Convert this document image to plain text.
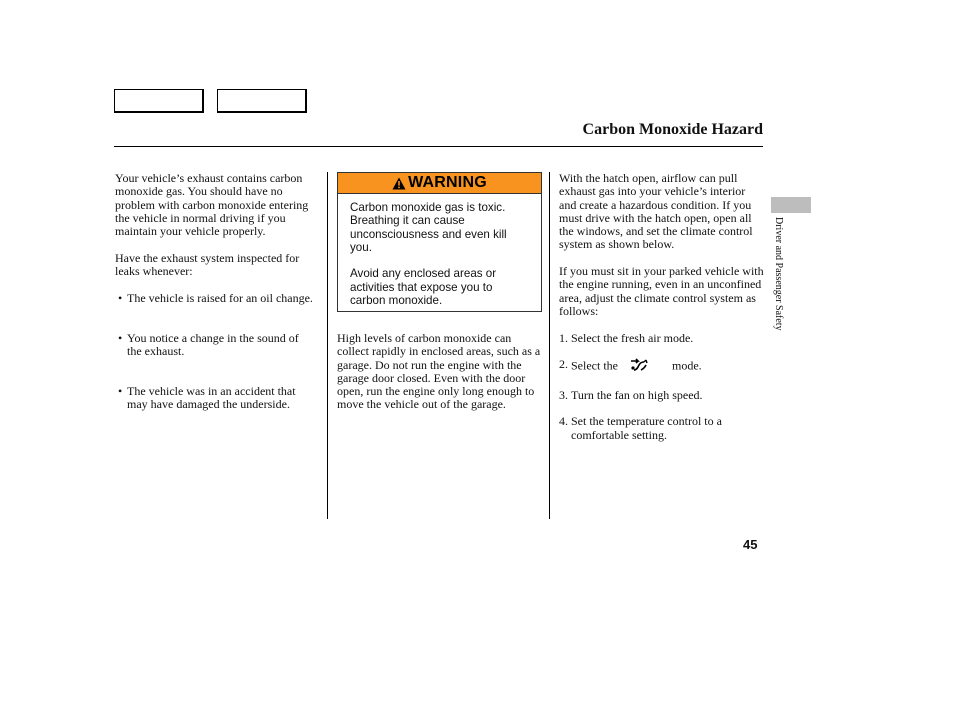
Carbon Monoxide Hazard

Your vehicle’s exhaust contains carbon monoxide gas. You should have no problem with carbon monoxide entering the vehicle in normal driving if you maintain your vehicle properly.

Have the exhaust system inspected for leaks whenever:

• The vehicle is raised for an oil change.
• You notice a change in the sound of the exhaust.
• The vehicle was in an accident that may have damaged the underside.
WARNING

Carbon monoxide gas is toxic. Breathing it can cause unconsciousness and even kill you.

Avoid any enclosed areas or activities that expose you to carbon monoxide.

High levels of carbon monoxide can collect rapidly in enclosed areas, such as a garage. Do not run the engine with the garage door closed. Even with the door open, run the engine only long enough to move the vehicle out of the garage.

With the hatch open, airflow can pull exhaust gas into your vehicle’s interior and create a hazardous condition. If you must drive with the hatch open, open all the windows, and set the climate control system as shown below.

If you must sit in your parked vehicle with the engine running, even in an unconfined area, adjust the climate control system as follows:

1. Select the fresh air mode.
2. Select the	mode.
3. Turn the fan on high speed.
4. Set the temperature control to a comfortable setting.
Driver and Passenger Safety
45
